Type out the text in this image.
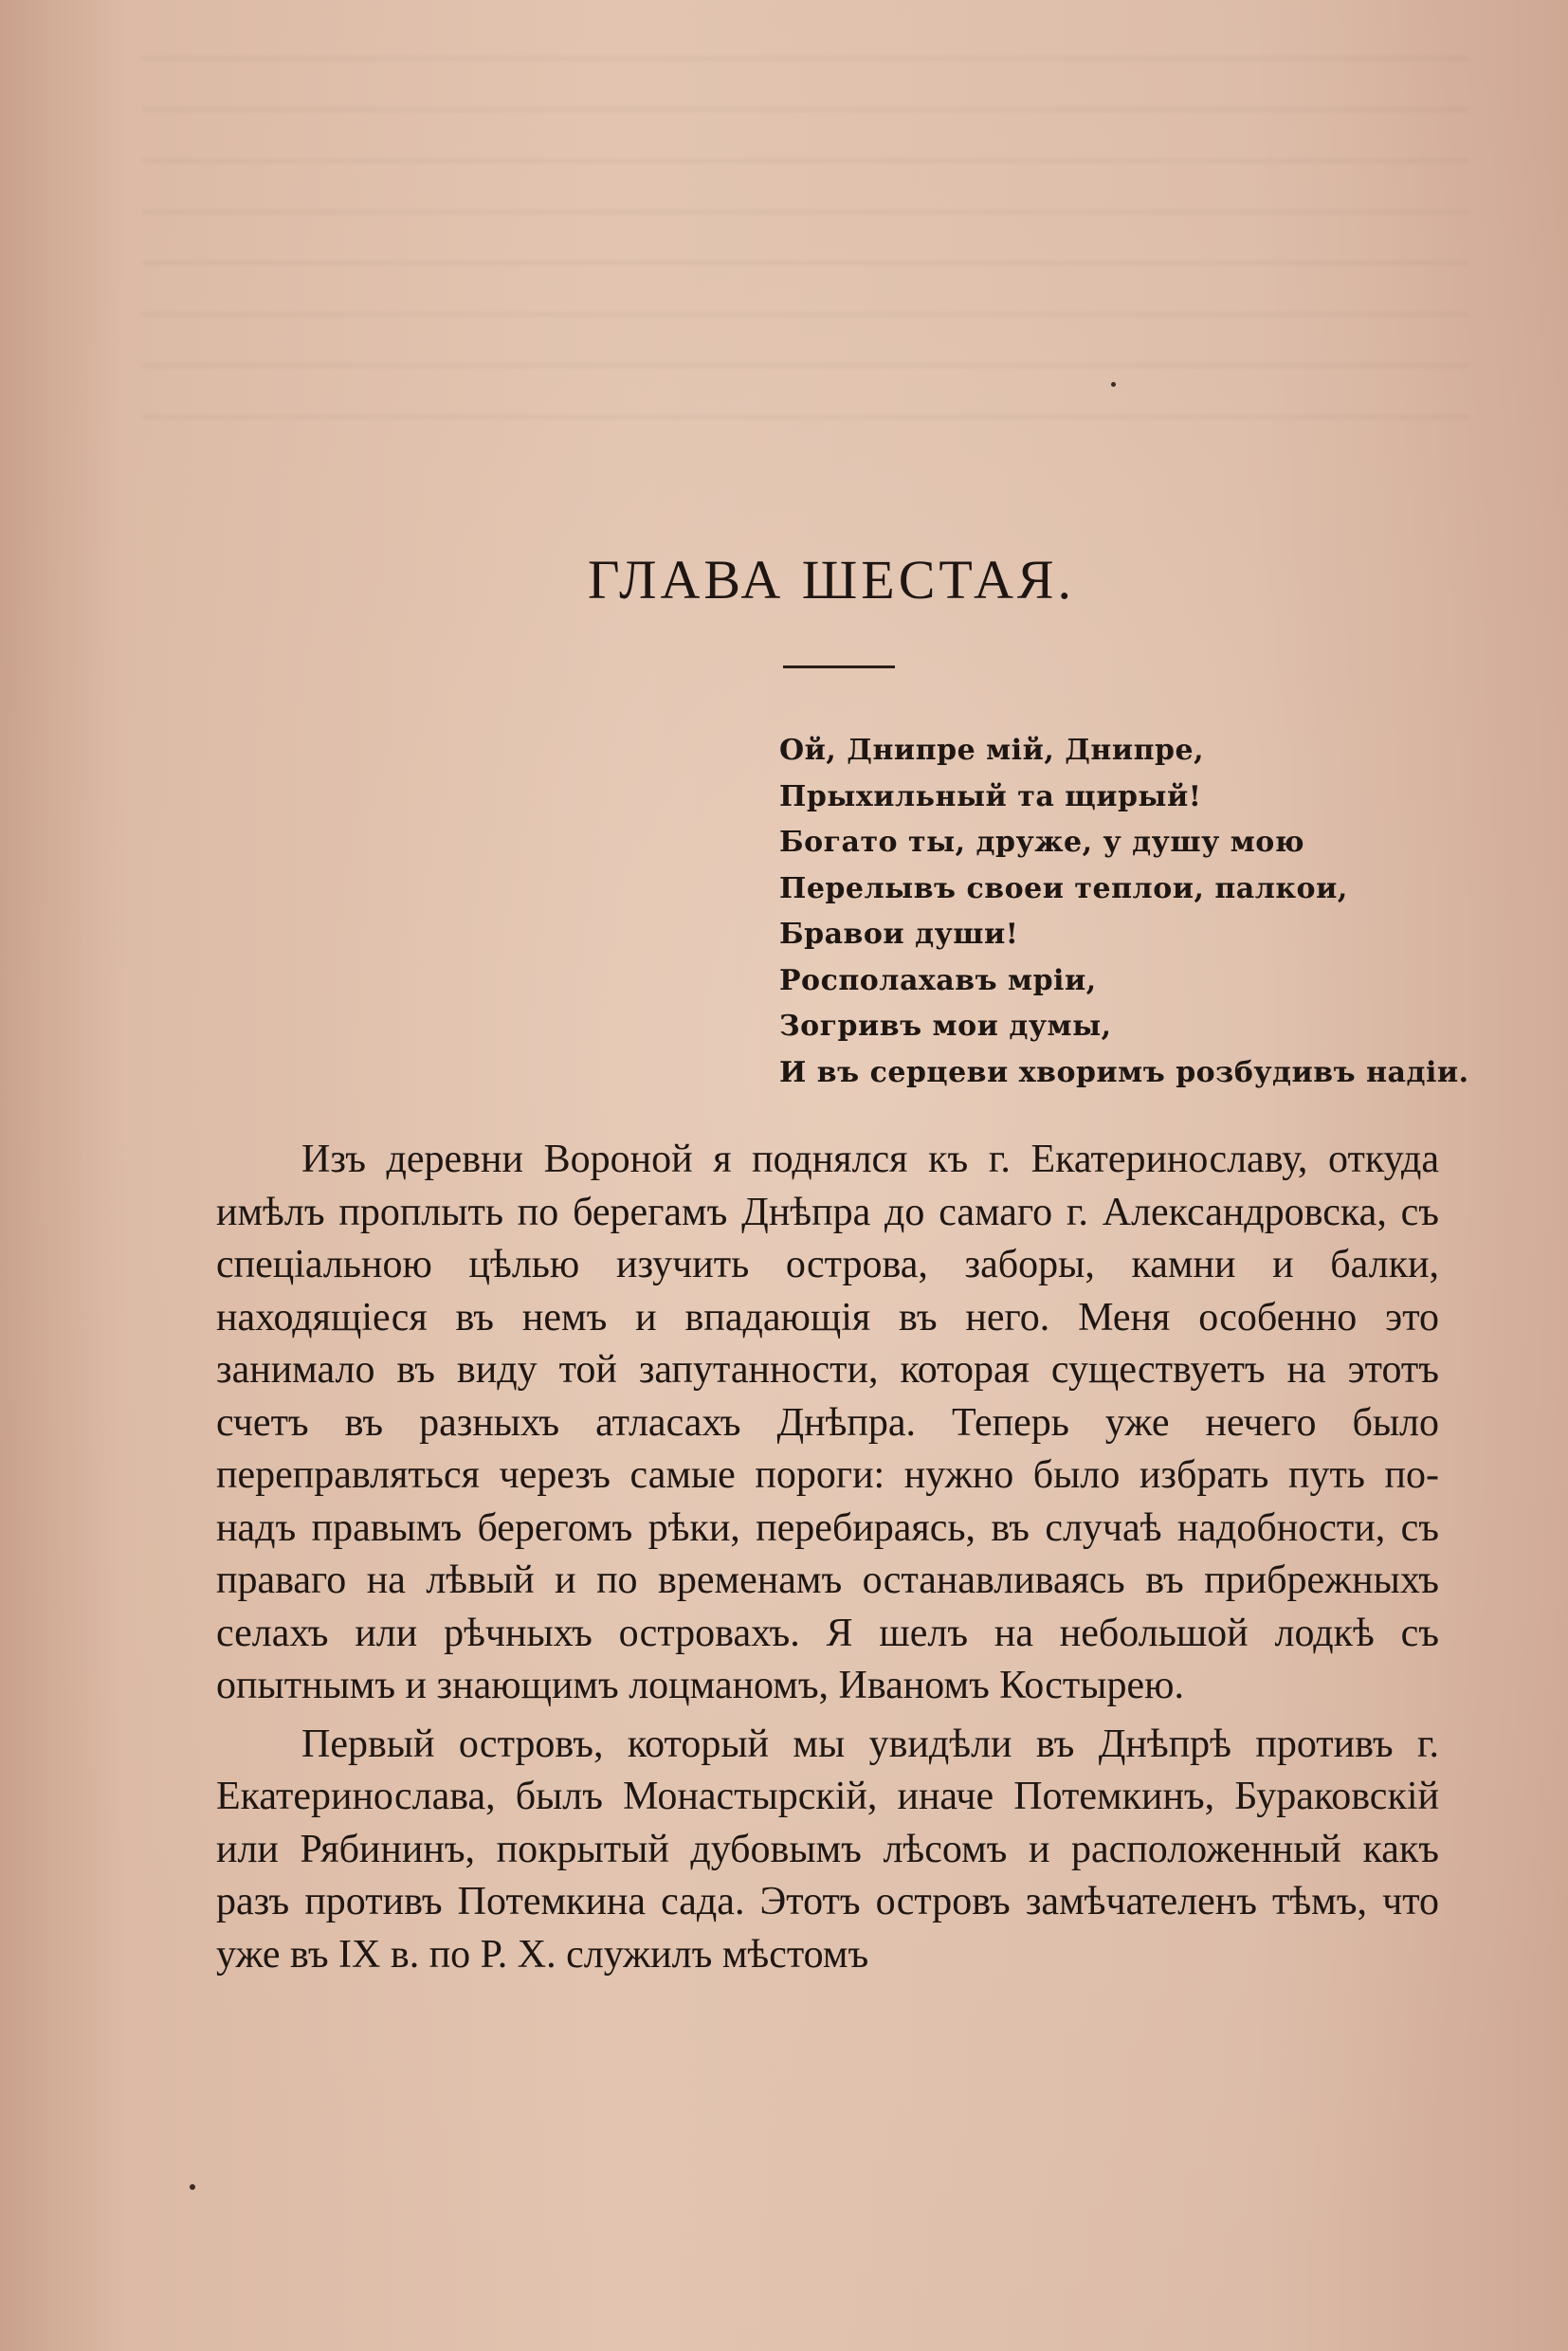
ГЛАВА ШЕСТАЯ.
Ой, Днипре мій, Днипре,
Прыхильный та щирый!
Богато ты, друже, у душу мою
Перелывъ своеи теплои, палкои,
Бравои души!
Росполахавъ мріи,
Зогривъ мои думы,
И въ серцеви хворимъ розбудивъ надіи.

Изъ деревни Вороной я поднялся къ г. Екатеринославу, откуда имѣлъ проплыть по берегамъ Днѣпра до самаго г. Александровска, съ спеціальною цѣлью изучить острова, заборы, камни и балки, находящіеся въ немъ и впадающія въ него. Меня особенно это занимало въ виду той запутанности, которая существуетъ на этотъ счетъ въ разныхъ атласахъ Днѣпра. Теперь уже нечего было переправляться черезъ самые пороги: нужно было избрать путь по-надъ правымъ берегомъ рѣки, перебираясь, въ случаѣ надобности, съ праваго на лѣвый и по временамъ останавливаясь въ прибрежныхъ селахъ или рѣчныхъ островахъ. Я шелъ на небольшой лодкѣ съ опытнымъ и знающимъ лоцманомъ, Иваномъ Костырею.

Первый островъ, который мы увидѣли въ Днѣпрѣ противъ г. Екатеринослава, былъ Монастырскій, иначе Потемкинъ, Бураковскій или Рябининъ, покрытый дубовымъ лѣсомъ и расположенный какъ разъ противъ Потемкина сада. Этотъ островъ замѣчателенъ тѣмъ, что уже въ IX в. по Р. Х. служилъ мѣстомъ
